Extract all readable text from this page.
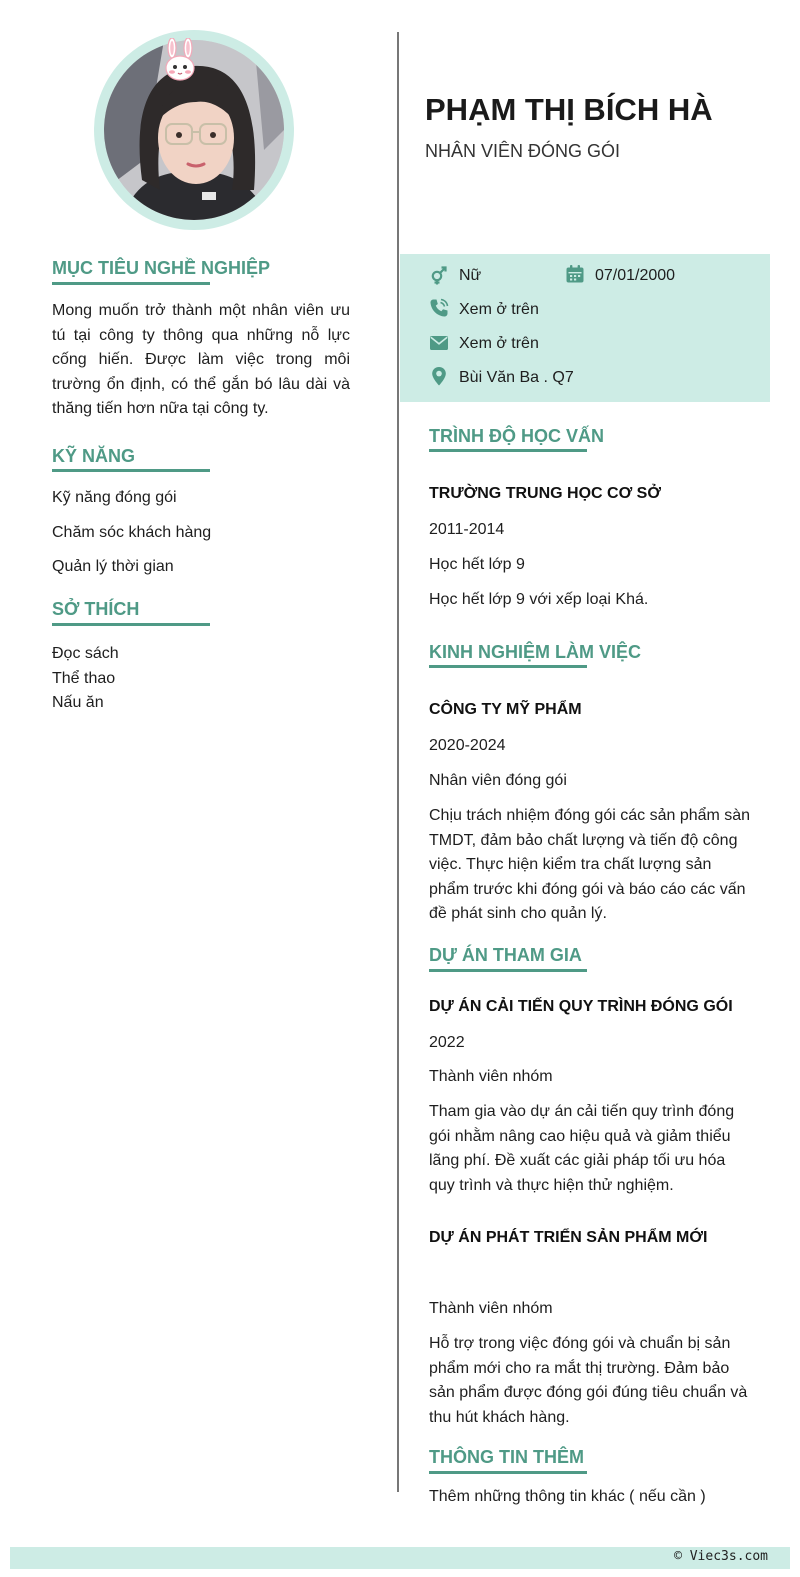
MỤC TIÊU NGHỀ NGHIỆP
Mong muốn trở thành một nhân viên ưu tú tại công ty thông qua những nỗ lực cống hiến. Được làm việc trong môi trường ổn định, có thể gắn bó lâu dài và thăng tiến hơn nữa tại công ty.
KỸ NĂNG
Kỹ năng đóng gói
Chăm sóc khách hàng
Quản lý thời gian
SỞ THÍCH
Đọc sách
Thể thao
Nấu ăn
PHẠM THỊ BÍCH HÀ
NHÂN VIÊN ĐÓNG GÓI
Nữ	07/01/2000
Xem ở trên
Xem ở trên
Bùi Văn Ba . Q7
TRÌNH ĐỘ HỌC VẤN
TRƯỜNG TRUNG HỌC CƠ SỞ
2011-2014
Học hết lớp 9
Học hết lớp 9 với xếp loại Khá.
KINH NGHIỆM LÀM VIỆC
CÔNG TY MỸ PHẨM
2020-2024
Nhân viên đóng gói
Chịu trách nhiệm đóng gói các sản phẩm sàn TMDT, đảm bảo chất lượng và tiến độ công việc. Thực hiện kiểm tra chất lượng sản phẩm trước khi đóng gói và báo cáo các vấn đề phát sinh cho quản lý.
DỰ ÁN THAM GIA
DỰ ÁN CẢI TIẾN QUY TRÌNH ĐÓNG GÓI
2022
Thành viên nhóm
Tham gia vào dự án cải tiến quy trình đóng gói nhằm nâng cao hiệu quả và giảm thiểu lãng phí. Đề xuất các giải pháp tối ưu hóa quy trình và thực hiện thử nghiệm.
DỰ ÁN PHÁT TRIỂN SẢN PHẨM MỚI
Thành viên nhóm
Hỗ trợ trong việc đóng gói và chuẩn bị sản phẩm mới cho ra mắt thị trường. Đảm bảo sản phẩm được đóng gói đúng tiêu chuẩn và thu hút khách hàng.
THÔNG TIN THÊM
Thêm những thông tin khác ( nếu cần )
© Viec3s.com
